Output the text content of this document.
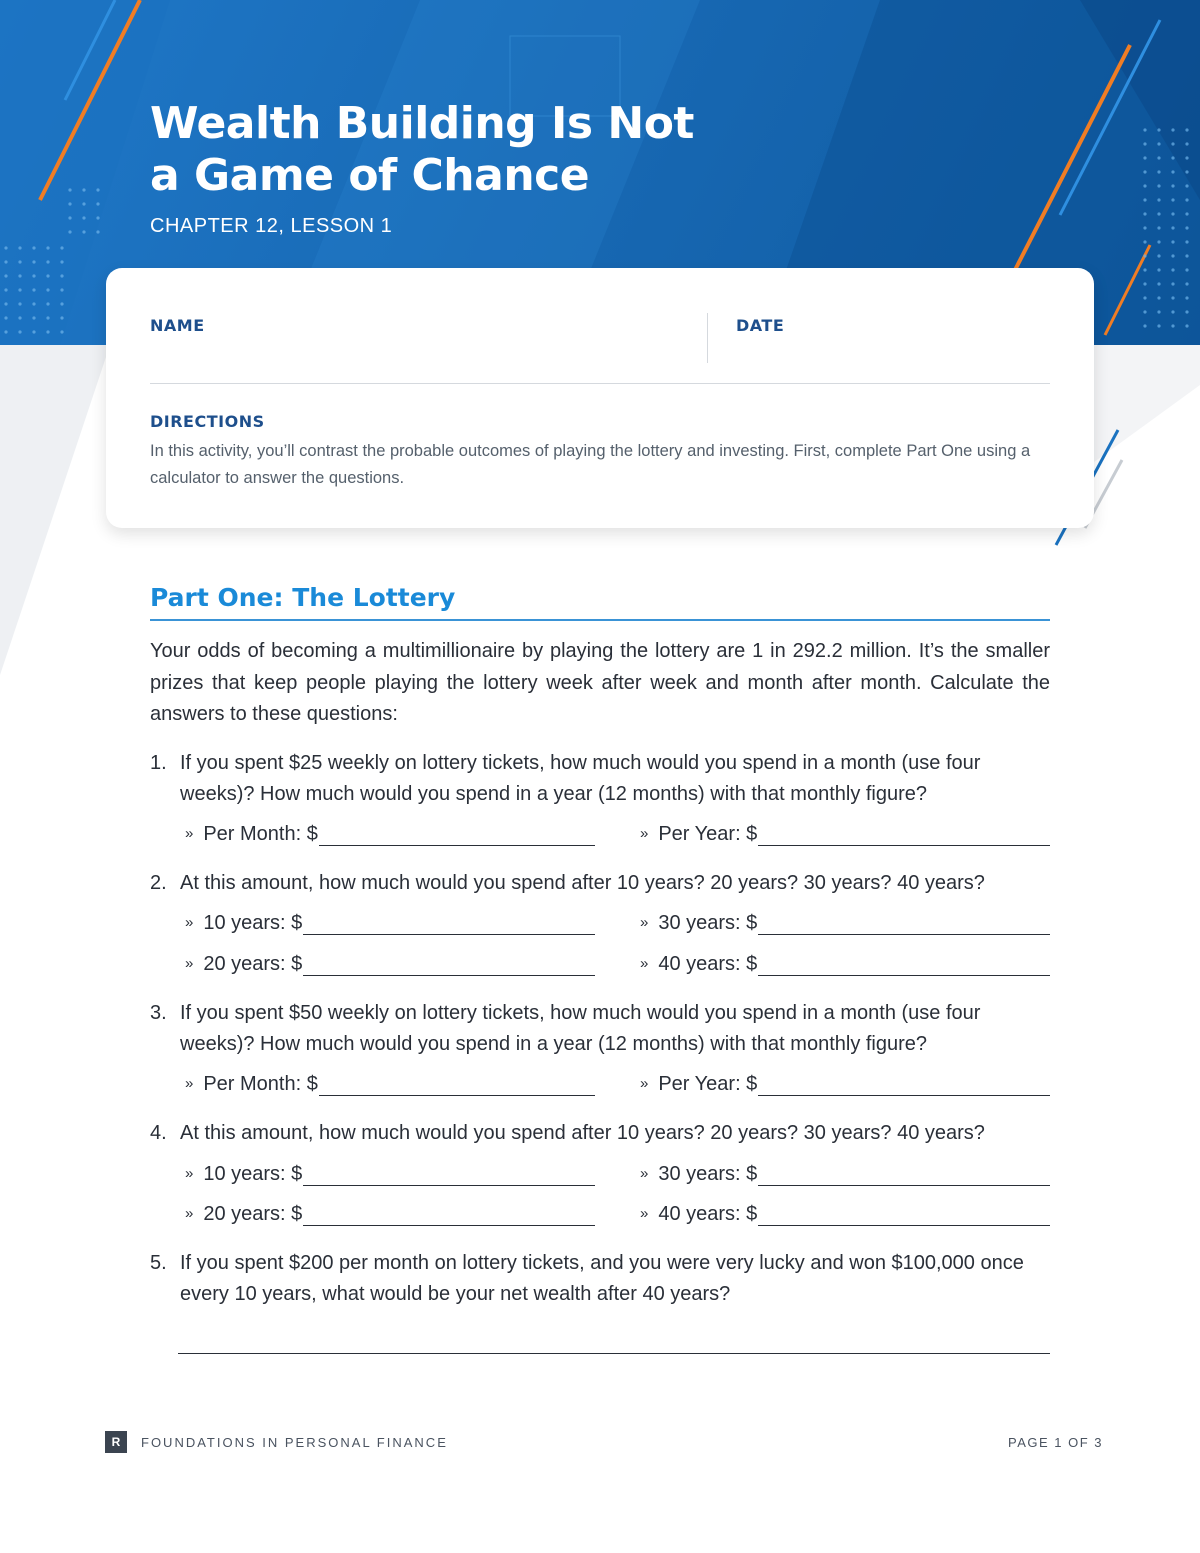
Wealth Building Is Not
a Game of Chance
CHAPTER 12, LESSON 1
NAME	DATE
DIRECTIONS
In this activity, you’ll contrast the probable outcomes of playing the lottery and investing. First, complete Part One using a calculator to answer the questions.
Part One: The Lottery
Your odds of becoming a multimillionaire by playing the lottery are 1 in 292.2 million. It’s the smaller prizes that keep people playing the lottery week after week and month after month. Calculate the answers to these questions:
1. If you spent $25 weekly on lottery tickets, how much would you spend in a month (use four weeks)? How much would you spend in a year (12 months) with that monthly figure?
» Per Month: $	» Per Year: $
2. At this amount, how much would you spend after 10 years? 20 years? 30 years? 40 years?
» 10 years: $	» 30 years: $
» 20 years: $	» 40 years: $
3. If you spent $50 weekly on lottery tickets, how much would you spend in a month (use four weeks)? How much would you spend in a year (12 months) with that monthly figure?
» Per Month: $	» Per Year: $
4. At this amount, how much would you spend after 10 years? 20 years? 30 years? 40 years?
» 10 years: $	» 30 years: $
» 20 years: $	» 40 years: $
5. If you spent $200 per month on lottery tickets, and you were very lucky and won $100,000 once every 10 years, what would be your net wealth after 40 years?
R	FOUNDATIONS IN PERSONAL FINANCE	PAGE 1 OF 3
